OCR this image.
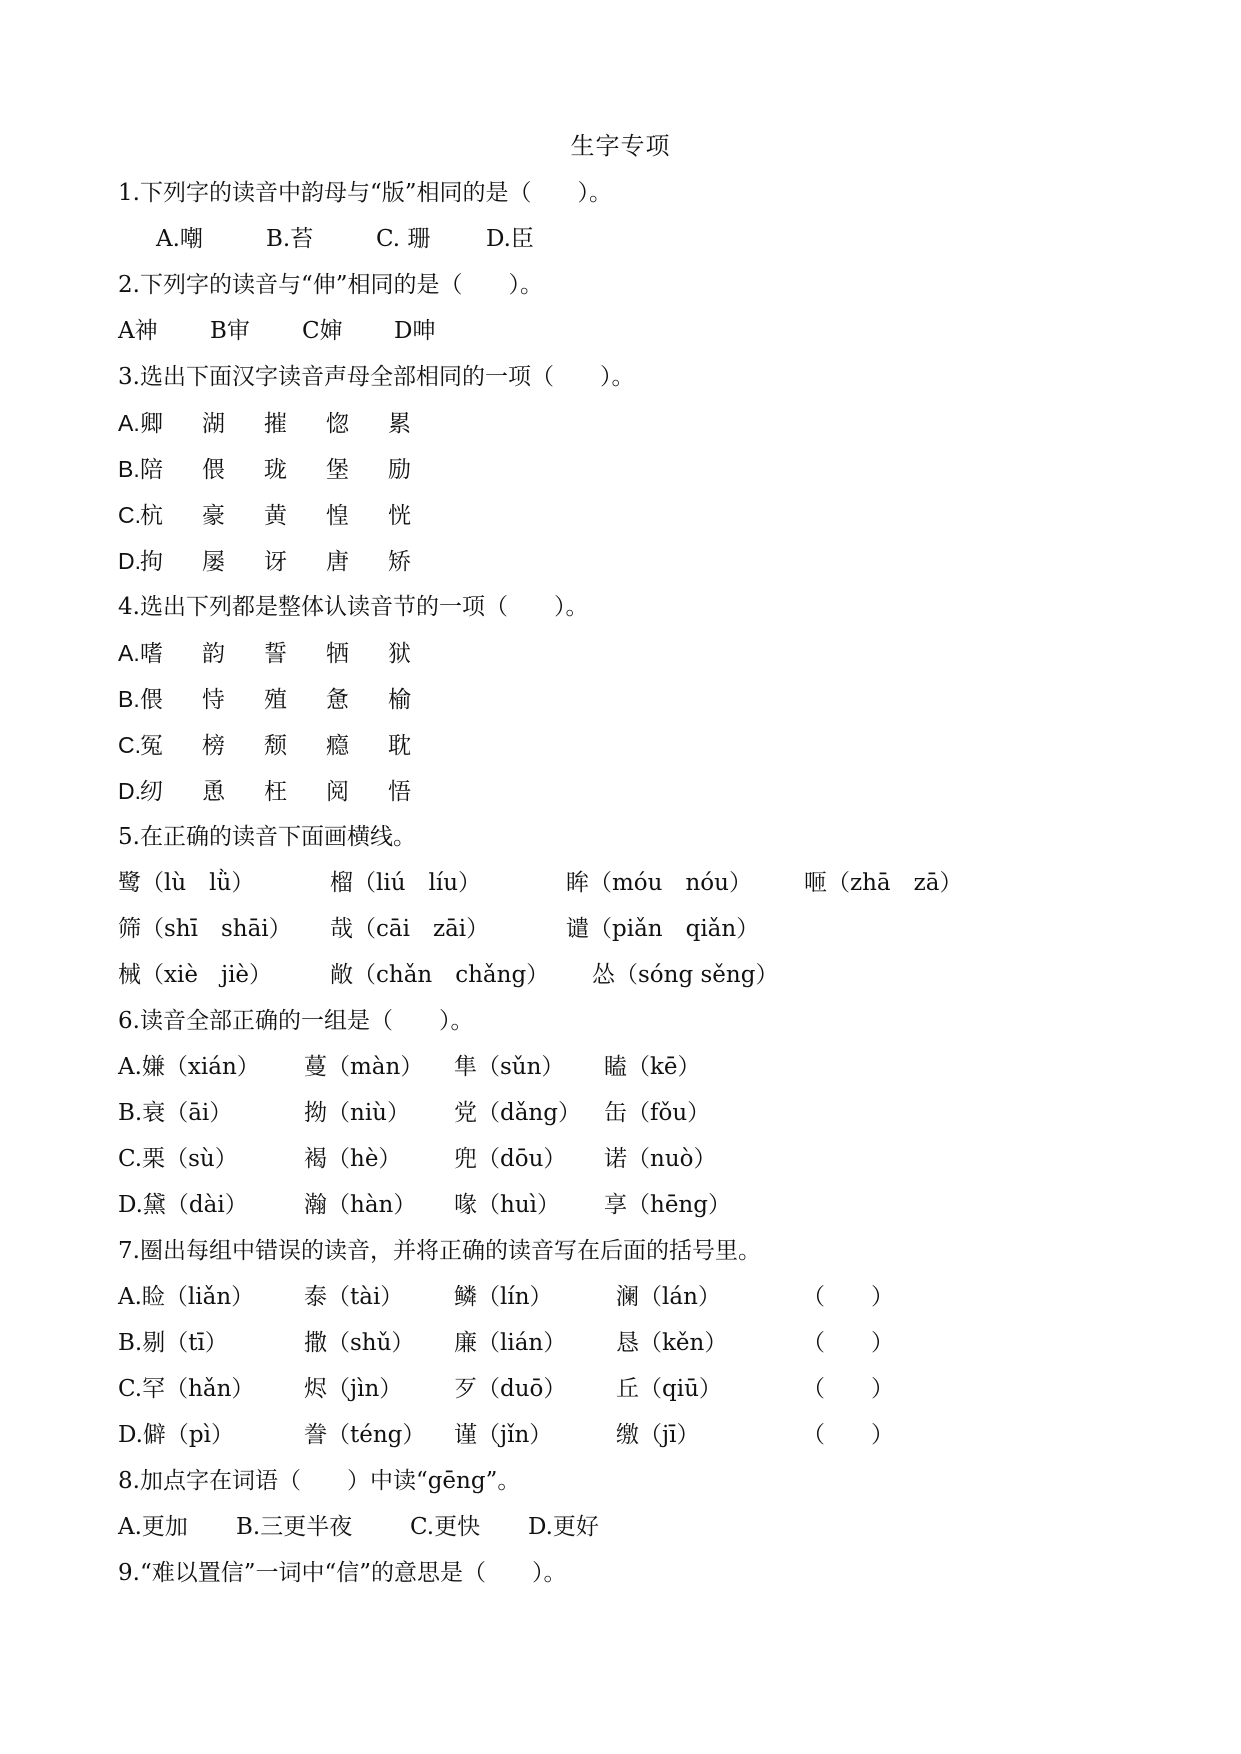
生字专项
1.下列字的读音中韵母与“版”相同的是（　　）。
A.嘲	B.苔	C. 珊 D.臣
2.下列字的读音与“伸”相同的是（　　）。
A神 B审 C婶 D呻
3.选出下面汉字读音声母全部相同的一项（　　）。
A.卿 湖 摧 惚 累
B.陪 偎 珑 堡 励
C.杭 豪 黄 惶 恍
D.拘 屡 讶 唐 矫
4.选出下列都是整体认读音节的一项（　　）。
A.嗜 韵 誓 牺 狱
B.偎 恃 殖 惫 榆
C.冤 榜 颓 瘾 耽
D.纫 恿 枉 阅 悟
5.在正确的读音下面画横线。
鹭（lù　lǜ）	榴（liú　líu）	眸（móu　nóu） 咂（zhā　zā）
筛（shī　shāi） 哉（cāi　zāi）	谴（piǎn　qiǎn）
械（xiè　jiè）	敞（chǎn　chǎng） 怂（sóng sěng）
6.读音全部正确的一组是（　　）。
A.嫌（xián） 蔓（màn） 隼（sǔn） 瞌（kē）
B.衰（āi）	拗（niù） 党（dǎng） 缶（fǒu）
C.栗（sù）	褐（hè） 兜（dōu） 诺（nuò）
D.黛（dài） 瀚（hàn） 喙（huì） 享（hēng）
7.圈出每组中错误的读音，并将正确的读音写在后面的括号里。
A.睑（liǎn） 泰（tài） 鳞（lín）	澜（lán）	（　　）
B.剔（tī）	撒（shǔ） 廉（lián） 恳（kěn）	（　　）
C.罕（hǎn） 烬（jìn） 歹（duō） 丘（qiū）	（　　）
D.僻（pì）	誊（téng） 谨（jǐn）	缴（jī）	（　　）
8.加点字在词语（　　）中读“gēng”。
A.更加 B.三更半夜	C.更快 D.更好
9.“难以置信”一词中“信”的意思是（　　）。
